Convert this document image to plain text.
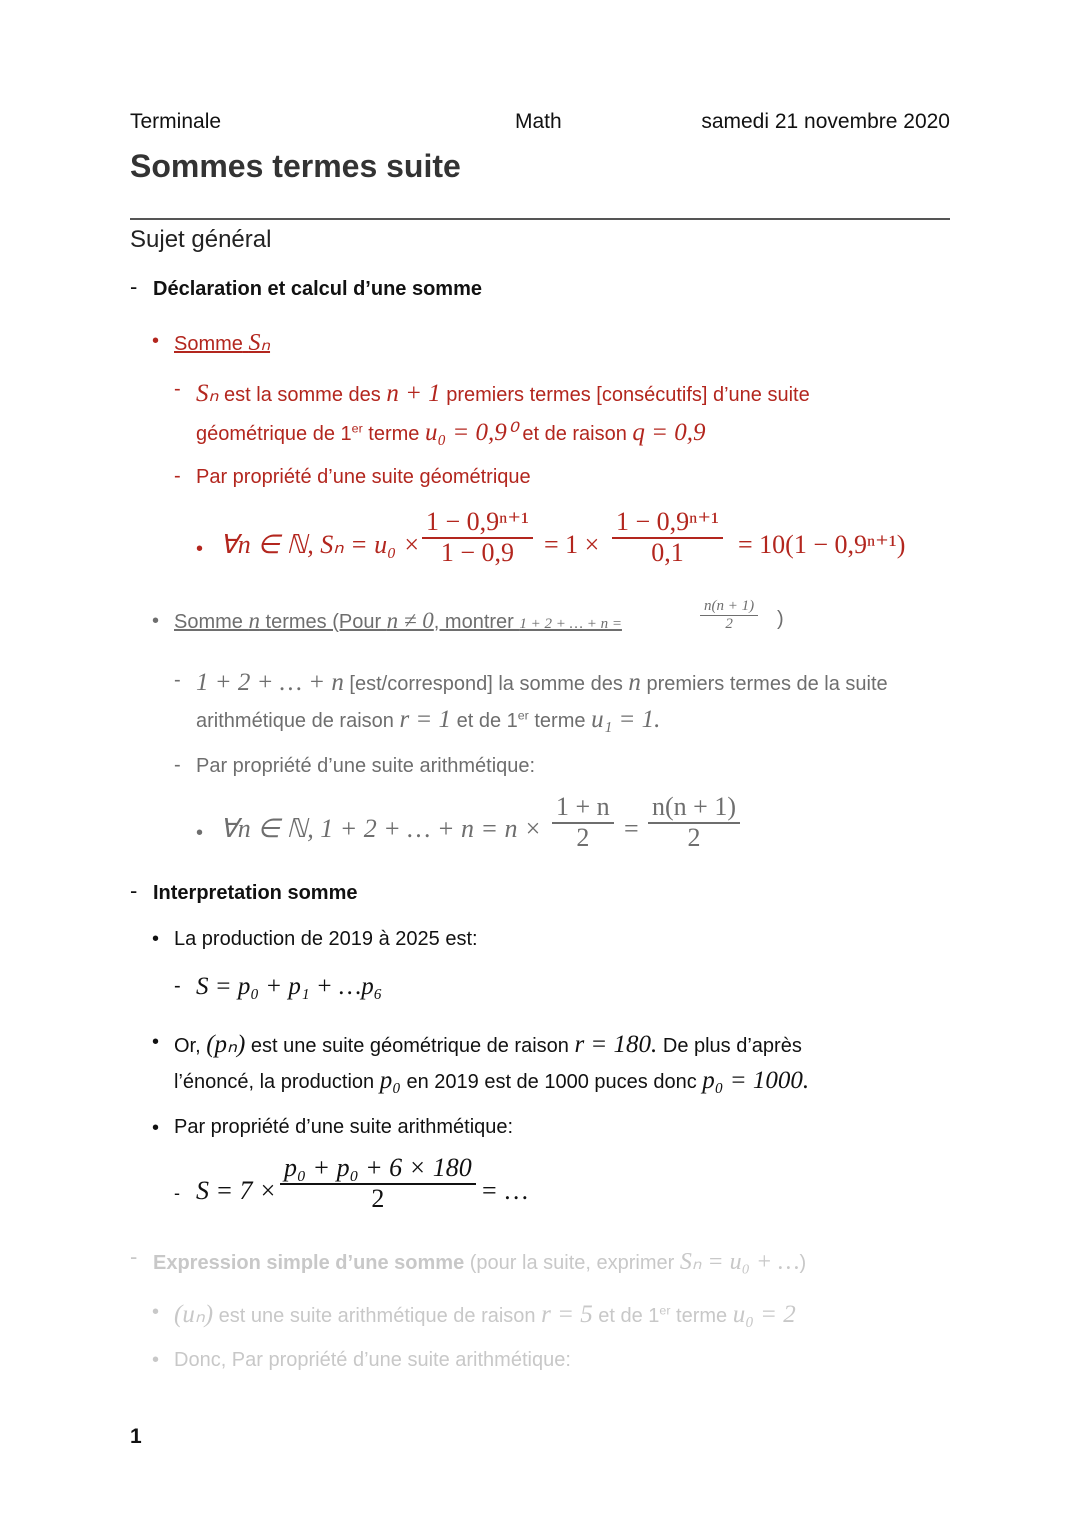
Terminale	Math	samedi 21 novembre 2020
Sommes termes suite
Sujet général
- Déclaration et calcul d’une somme
• Somme Sₙ
- Sₙ est la somme des n + 1 premiers termes [consécutifs] d’une suite
géométrique de 1er terme u₀ = 0,9⁰ et de raison q = 0,9
- Par propriété d’une suite géométrique
• ∀n ∈ ℕ, Sₙ = u₀ ×
1 − 0,9ⁿ⁺¹
1 − 0,9 = 1 ×
1 − 0,9ⁿ⁺¹
0,1 = 10(1 − 0,9ⁿ⁺¹)
• Somme n termes (Pour n ≠ 0, montrer 1 + 2 + … + n =
n(n + 1)
2 )
- 1 + 2 + … + n [est/correspond] la somme des n premiers termes de la suite
arithmétique de raison r = 1 et de 1er terme u₁ = 1.
- Par propriété d’une suite arithmétique:
• ∀n ∈ ℕ, 1 + 2 + … + n = n ×
1 + n
2 =
n(n + 1)
2
- Interpretation somme
• La production de 2019 à 2025 est:
- S = p₀ + p₁ + …p₆
• Or, (pₙ) est une suite géométrique de raison r = 180. De plus d’après
l’énoncé, la production p₀ en 2019 est de 1000 puces donc p₀ = 1000.
• Par propriété d’une suite arithmétique:
- S = 7 ×
p₀ + p₀ + 6 × 180
2	= …
- Expression simple d’une somme (pour la suite, exprimer Sₙ = u₀ + …)
• (uₙ) est une suite arithmétique de raison r = 5 et de 1er terme u₀ = 2
• Donc, Par propriété d’une suite arithmétique:
1
